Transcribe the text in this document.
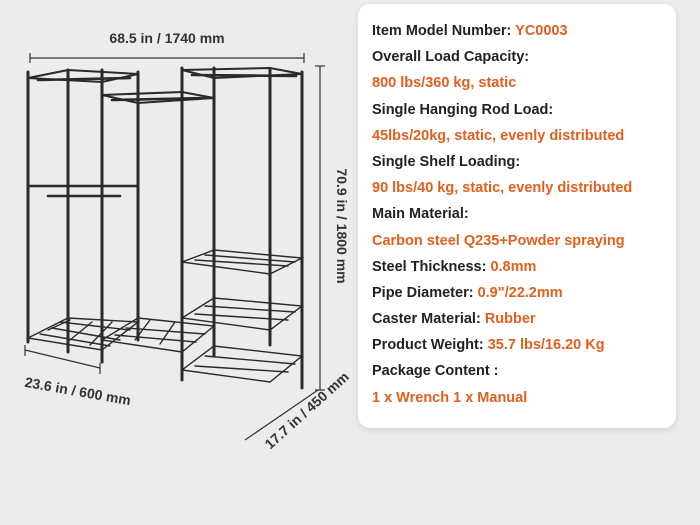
68.5 in / 1740 mm
70.9 in / 1800 mm
23.6 in / 600 mm	17.7 in / 450 mm
Item Model Number: YC0003
Overall Load Capacity:
800 lbs/360 kg, static
Single Hanging Rod Load:
45lbs/20kg, static, evenly distributed
Single Shelf Loading:
90 lbs/40 kg, static, evenly distributed
Main Material:
Carbon steel Q235+Powder spraying
Steel Thickness: 0.8mm
Pipe Diameter: 0.9"/22.2mm
Caster Material: Rubber
Product Weight: 35.7 lbs/16.20 Kg
Package Content :
1 x Wrench 1 x Manual
